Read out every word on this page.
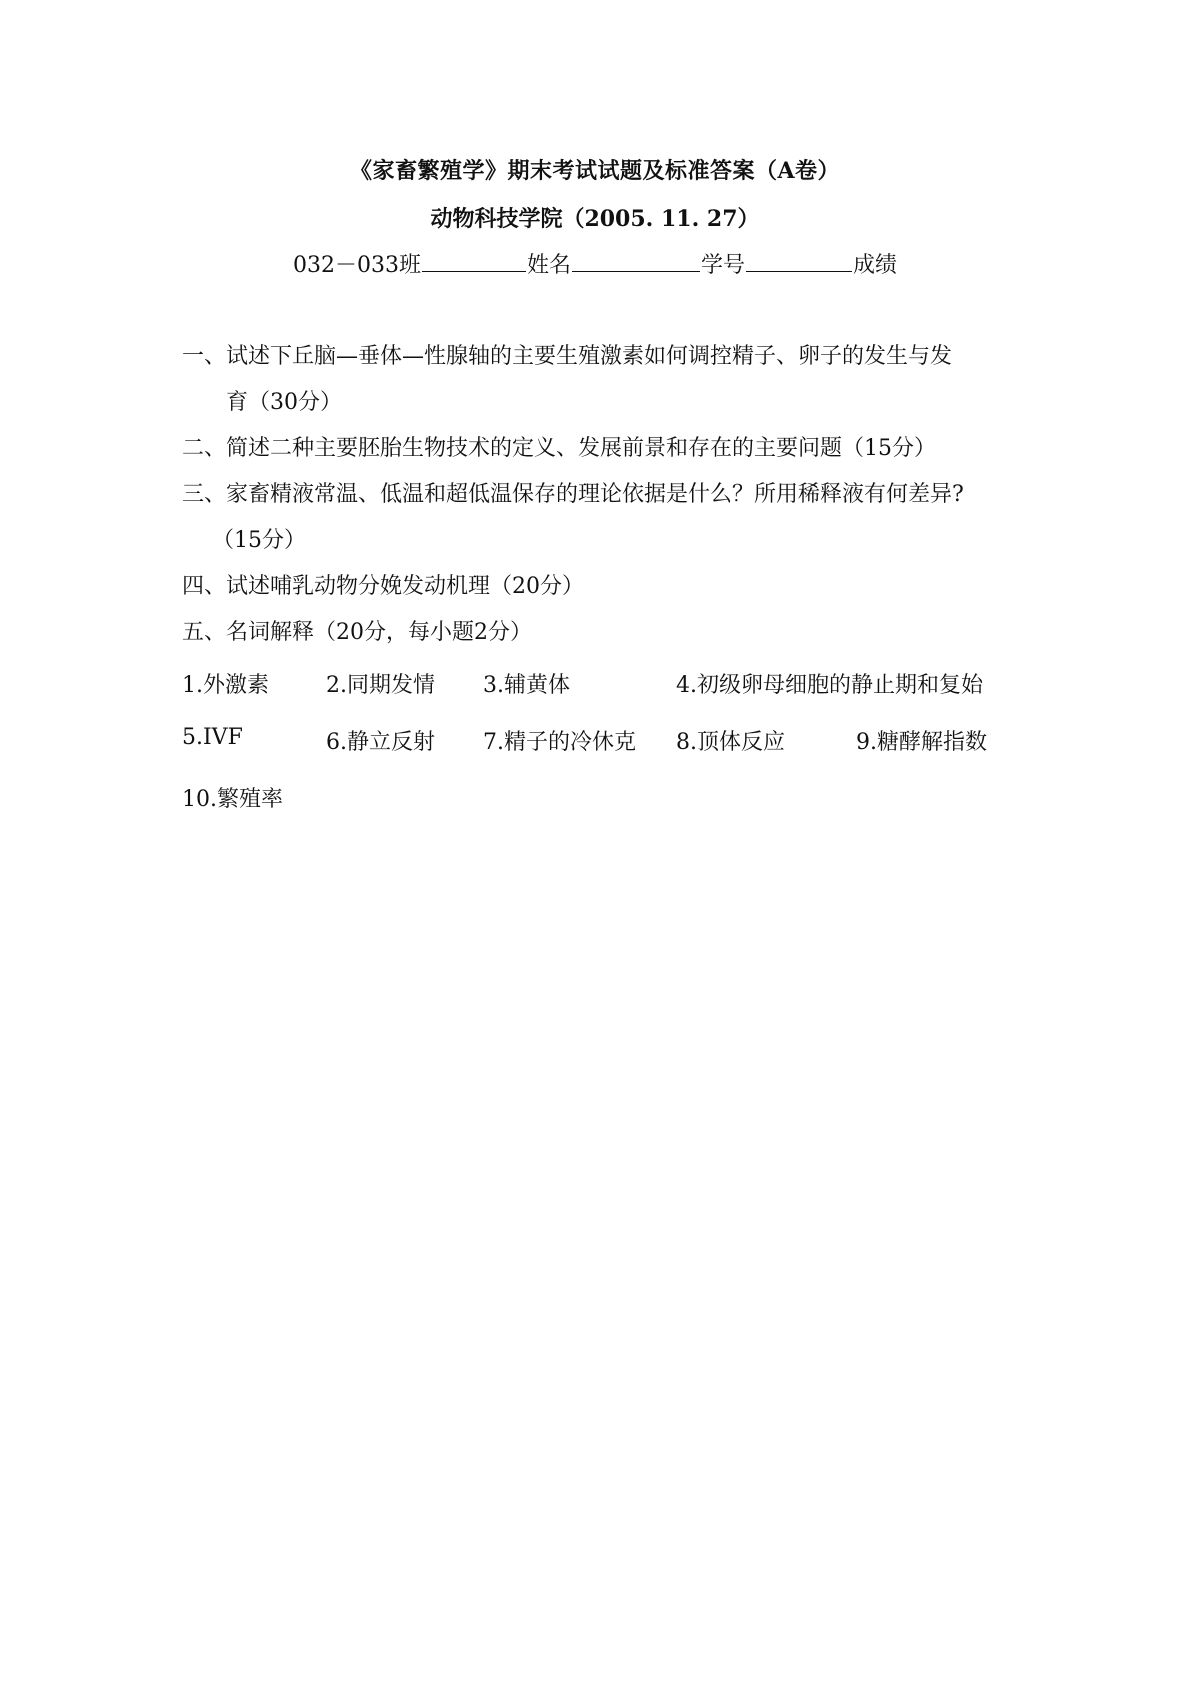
《家畜繁殖学》期末考试试题及标准答案（A卷）
动物科技学院（2005. 11. 27）
032－033班	姓名	学号	成绩
一、试述下丘脑—垂体—性腺轴的主要生殖激素如何调控精子、卵子的发生与发
育（30分）
二、简述二种主要胚胎生物技术的定义、发展前景和存在的主要问题（15分）
三、家畜精液常温、低温和超低温保存的理论依据是什么？所用稀释液有何差异?
（15分）
四、试述哺乳动物分娩发动机理（20分）
五、名词解释（20分，每小题2分）
1.外激素	2.同期发情 3.辅黄体	4.初级卵母细胞的静止期和复始
5.IVF	6.静立反射 7.精子的冷休克 8.顶体反应	9.糖酵解指数
10.繁殖率
